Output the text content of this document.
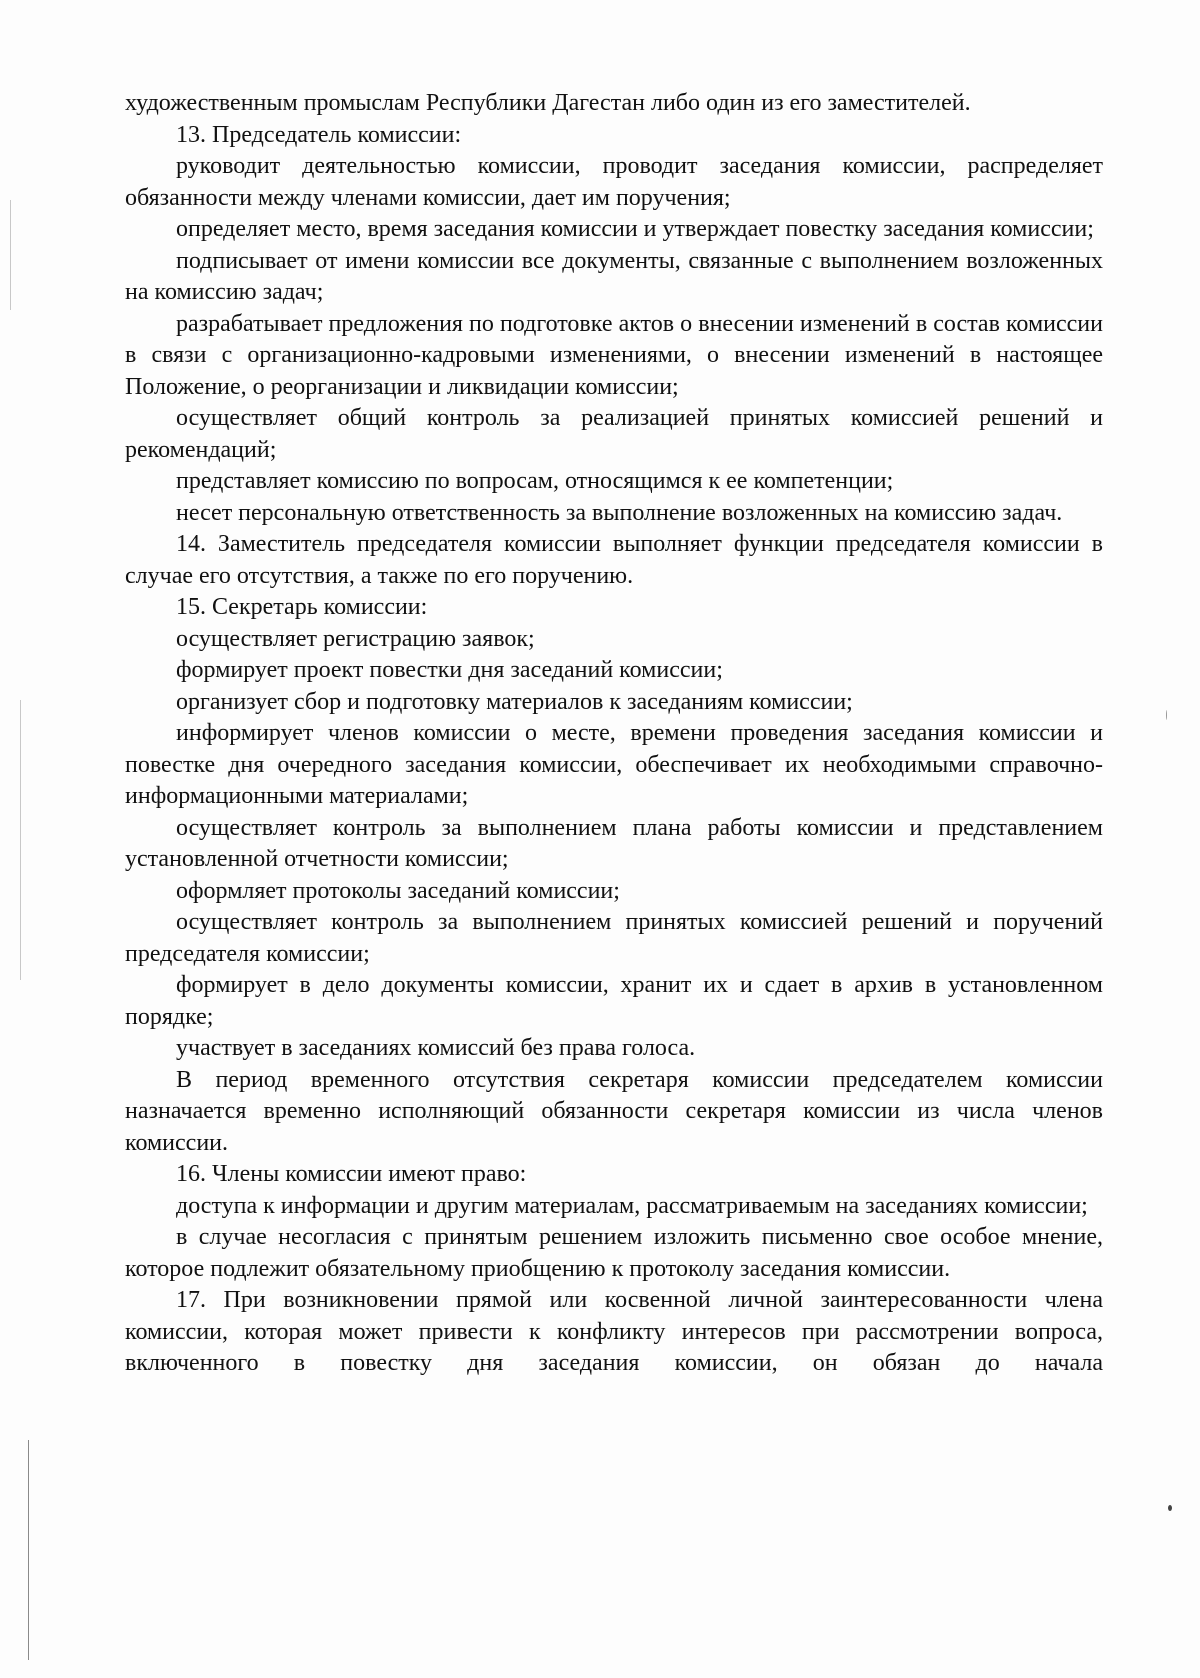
художественным промыслам Республики Дагестан либо один из его заместителей.

13. Председатель комиссии:

руководит деятельностью комиссии, проводит заседания комиссии, распределяет обязанности между членами комиссии, дает им поручения;

определяет место, время заседания комиссии и утверждает повестку заседания комиссии;

подписывает от имени комиссии все документы, связанные с выполнением возложенных на комиссию задач;

разрабатывает предложения по подготовке актов о внесении изменений в состав комиссии в связи с организационно-кадровыми изменениями, о внесении изменений в настоящее Положение, о реорганизации и ликвидации комиссии;

осуществляет общий контроль за реализацией принятых комиссией решений и рекомендаций;

представляет комиссию по вопросам, относящимся к ее компетенции;

несет персональную ответственность за выполнение возложенных на комиссию задач.

14. Заместитель председателя комиссии выполняет функции председателя комиссии в случае его отсутствия, а также по его поручению.

15. Секретарь комиссии:

осуществляет регистрацию заявок;

формирует проект повестки дня заседаний комиссии;

организует сбор и подготовку материалов к заседаниям комиссии;

информирует членов комиссии о месте, времени проведения заседания комиссии и повестке дня очередного заседания комиссии, обеспечивает их необходимыми справочно-информационными материалами;

осуществляет контроль за выполнением плана работы комиссии и представлением установленной отчетности комиссии;

оформляет протоколы заседаний комиссии;

осуществляет контроль за выполнением принятых комиссией решений и поручений председателя комиссии;

формирует в дело документы комиссии, хранит их и сдает в архив в установленном порядке;

участвует в заседаниях комиссий без права голоса.

В период временного отсутствия секретаря комиссии председателем комиссии назначается временно исполняющий обязанности секретаря комиссии из числа членов комиссии.

16. Члены комиссии имеют право:

доступа к информации и другим материалам, рассматриваемым на заседаниях комиссии;

в случае несогласия с принятым решением изложить письменно свое особое мнение, которое подлежит обязательному приобщению к протоколу заседания комиссии.

17. При возникновении прямой или косвенной личной заинтересованности члена комиссии, которая может привести к конфликту интересов при рассмотрении вопроса, включенного в повестку дня заседания комиссии, он обязан до начала
